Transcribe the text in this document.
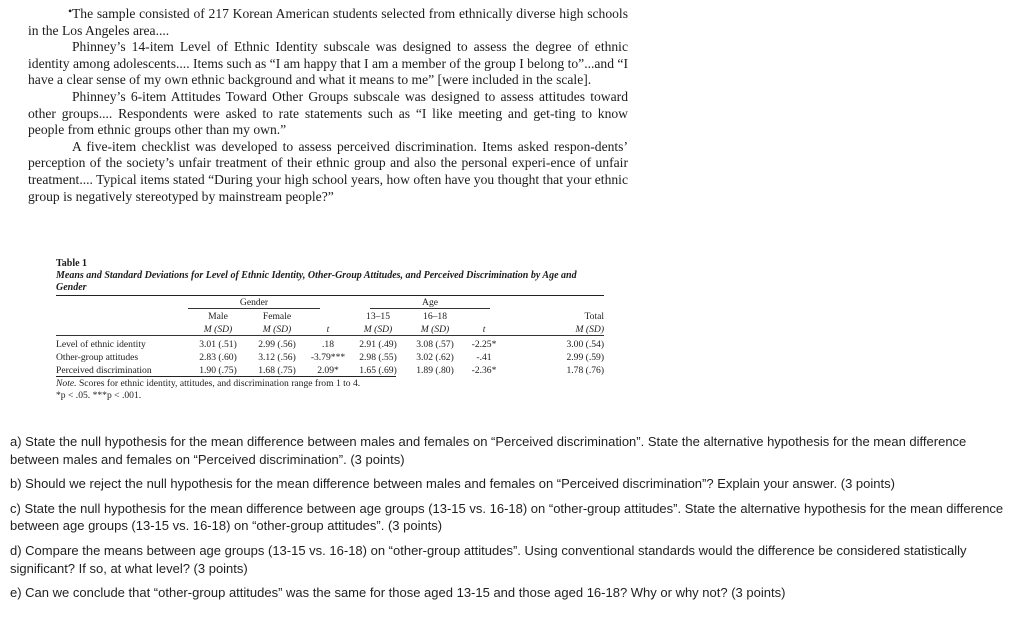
• The sample consisted of 217 Korean American students selected from ethnically diverse high schools in the Los Angeles area....

Phinney’s 14-item Level of Ethnic Identity subscale was designed to assess the degree of ethnic identity among adolescents.... Items such as “I am happy that I am a member of the group I belong to”...and “I have a clear sense of my own ethnic background and what it means to me” [were included in the scale].

Phinney’s 6-item Attitudes Toward Other Groups subscale was designed to assess attitudes toward other groups.... Respondents were asked to rate statements such as “I like meeting and get-ting to know people from ethnic groups other than my own.”

A five-item checklist was developed to assess perceived discrimination. Items asked respon-dents’ perception of the society’s unfair treatment of their ethnic group and also the personal experi-ence of unfair treatment.... Typical items stated “During your high school years, how often have you thought that your ethnic group is negatively stereotyped by mainstream people?”

Table 1
Means and Standard Deviations for Level of Ethnic Identity, Other-Group Attitudes, and Perceived Discrimination by Age and Gender

	Gender			Age			

	Male	Female		13–15	16–18		Total
	M (SD)	M (SD)	t	M (SD)	M (SD)	t	M (SD)

Level of ethnic identity	3.01 (.51)	2.99 (.56)	.18	2.91 (.49)	3.08 (.57)	-2.25*	3.00 (.54)
Other-group attitudes	2.83 (.60)	3.12 (.56)	-3.79***	2.98 (.55)	3.02 (.62)	-.41	2.99 (.59)
Perceived discrimination	1.90 (.75)	1.68 (.75)	2.09*	1.65 (.69)	1.89 (.80)	-2.36*	1.78 (.76)
Note. Scores for ethnic identity, attitudes, and discrimination range from 1 to 4.
*p < .05. ***p < .001.

a) State the null hypothesis for the mean difference between males and females on “Perceived discrimination”. State the alternative hypothesis for the mean difference between males and females on “Perceived discrimination”. (3 points)

b) Should we reject the null hypothesis for the mean difference between males and females on “Perceived discrimination”? Explain your answer. (3 points)

c) State the null hypothesis for the mean difference between age groups (13-15 vs. 16-18) on “other-group attitudes”. State the alternative hypothesis for the mean difference between age groups (13-15 vs. 16-18) on “other-group attitudes”. (3 points)

d) Compare the means between age groups (13-15 vs. 16-18) on “other-group attitudes”. Using conventional standards would the difference be considered statistically significant? If so, at what level? (3 points)

e) Can we conclude that “other-group attitudes” was the same for those aged 13-15 and those aged 16-18? Why or why not? (3 points)
